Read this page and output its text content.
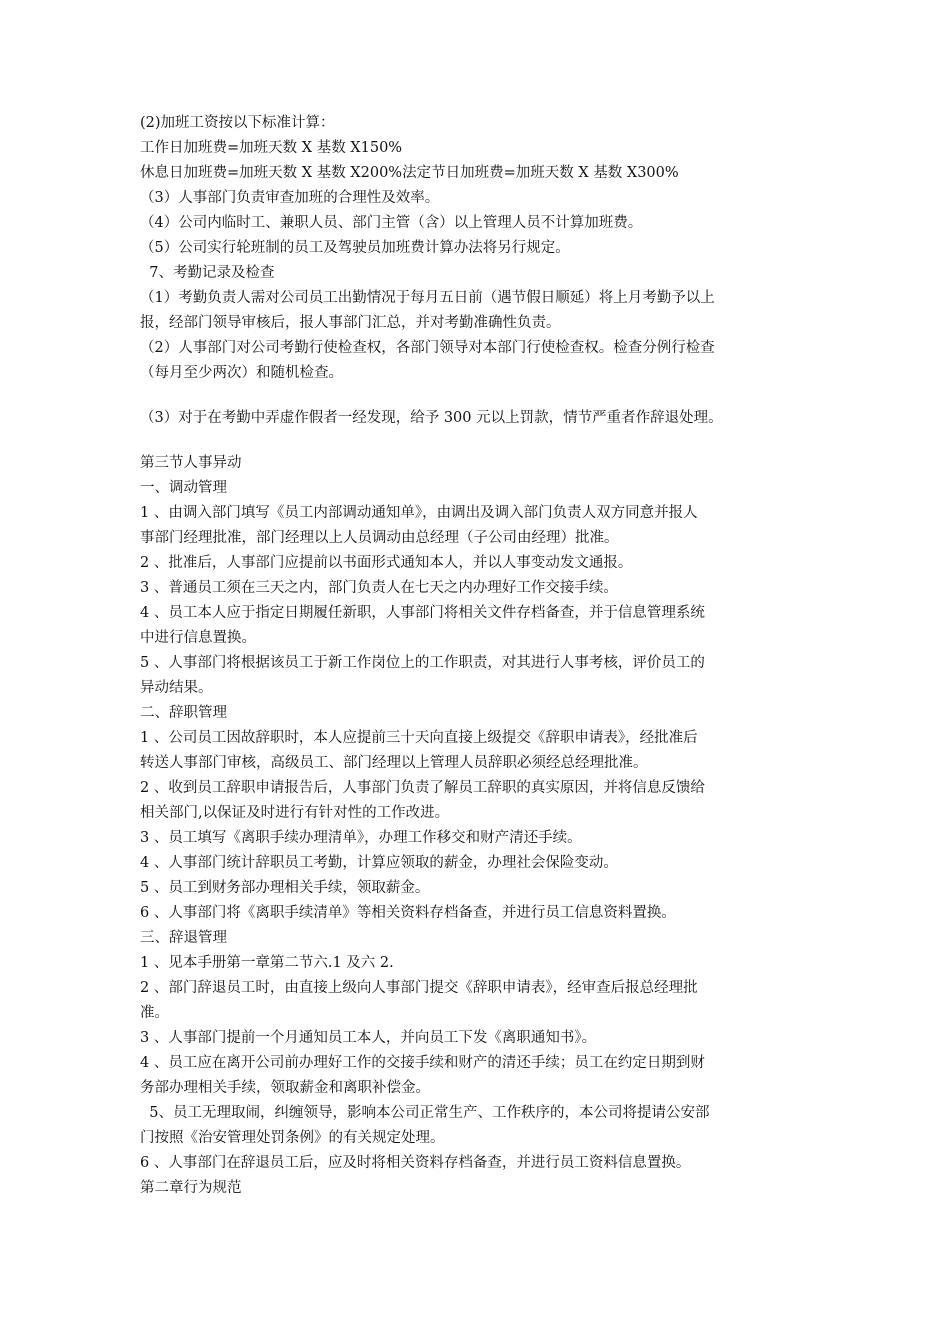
(2)加班工资按以下标准计算：

工作日加班费=加班天数 X 基数 X150%

休息日加班费=加班天数 X 基数 X200%法定节日加班费=加班天数 X 基数 X300%

（3）人事部门负责审查加班的合理性及效率。

（4）公司内临时工、兼职人员、部门主管（含）以上管理人员不计算加班费。

（5）公司实行轮班制的员工及驾驶员加班费计算办法将另行规定。

7、考勤记录及检查

（1）考勤负责人需对公司员工出勤情况于每月五日前（遇节假日顺延）将上月考勤予以上

报，经部门领导审核后，报人事部门汇总，并对考勤准确性负责。

（2）人事部门对公司考勤行使检查权，各部门领导对本部门行使检查权。检查分例行检查

（每月至少两次）和随机检查。

（3）对于在考勤中弄虚作假者一经发现，给予 300 元以上罚款，情节严重者作辞退处理。

第三节人事异动

一、调动管理

1 、由调入部门填写《员工内部调动通知单》，由调出及调入部门负责人双方同意并报人

事部门经理批准，部门经理以上人员调动由总经理（子公司由经理）批准。

2 、批准后，人事部门应提前以书面形式通知本人，并以人事变动发文通报。

3 、普通员工须在三天之内，部门负责人在七天之内办理好工作交接手续。

4 、员工本人应于指定日期履任新职，人事部门将相关文件存档备查，并于信息管理系统

中进行信息置换。

5 、人事部门将根据该员工于新工作岗位上的工作职责，对其进行人事考核，评价员工的

异动结果。

二、辞职管理

1 、公司员工因故辞职时，本人应提前三十天向直接上级提交《辞职申请表》，经批准后

转送人事部门审核，高级员工、部门经理以上管理人员辞职必须经总经理批准。

2 、收到员工辞职申请报告后，人事部门负责了解员工辞职的真实原因，并将信息反馈给

相关部门,以保证及时进行有针对性的工作改进。

3 、员工填写《离职手续办理清单》，办理工作移交和财产清还手续。

4 、人事部门统计辞职员工考勤，计算应领取的薪金，办理社会保险变动。

5 、员工到财务部办理相关手续，领取薪金。

6 、人事部门将《离职手续清单》等相关资料存档备查，并进行员工信息资料置换。

三、辞退管理

1 、见本手册第一章第二节六.1 及六 2.

2 、部门辞退员工时，由直接上级向人事部门提交《辞职申请表》，经审查后报总经理批

准。

3 、人事部门提前一个月通知员工本人，并向员工下发《离职通知书》。

4 、员工应在离开公司前办理好工作的交接手续和财产的清还手续；员工在约定日期到财

务部办理相关手续，领取薪金和离职补偿金。

5、员工无理取闹，纠缠领导，影响本公司正常生产、工作秩序的，本公司将提请公安部

门按照《治安管理处罚条例》的有关规定处理。

6 、人事部门在辞退员工后，应及时将相关资料存档备查，并进行员工资料信息置换。

第二章行为规范
